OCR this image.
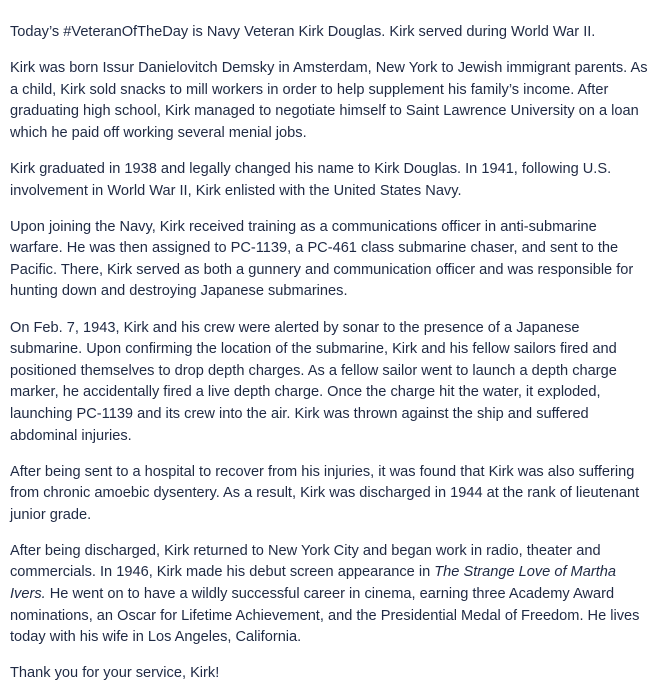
Today’s #VeteranOfTheDay is Navy Veteran Kirk Douglas. Kirk served during World War II.

Kirk was born Issur Danielovitch Demsky in Amsterdam, New York to Jewish immigrant parents. As a child, Kirk sold snacks to mill workers in order to help supplement his family’s income. After graduating high school, Kirk managed to negotiate himself to Saint Lawrence University on a loan which he paid off working several menial jobs.

Kirk graduated in 1938 and legally changed his name to Kirk Douglas. In 1941, following U.S. involvement in World War II, Kirk enlisted with the United States Navy.

Upon joining the Navy, Kirk received training as a communications officer in anti-submarine warfare. He was then assigned to PC-1139, a PC-461 class submarine chaser, and sent to the Pacific. There, Kirk served as both a gunnery and communication officer and was responsible for hunting down and destroying Japanese submarines.

On Feb. 7, 1943, Kirk and his crew were alerted by sonar to the presence of a Japanese submarine. Upon confirming the location of the submarine, Kirk and his fellow sailors fired and positioned themselves to drop depth charges. As a fellow sailor went to launch a depth charge marker, he accidentally fired a live depth charge. Once the charge hit the water, it exploded, launching PC-1139 and its crew into the air. Kirk was thrown against the ship and suffered abdominal injuries.

After being sent to a hospital to recover from his injuries, it was found that Kirk was also suffering from chronic amoebic dysentery. As a result, Kirk was discharged in 1944 at the rank of lieutenant junior grade.

After being discharged, Kirk returned to New York City and began work in radio, theater and commercials. In 1946, Kirk made his debut screen appearance in The Strange Love of Martha Ivers. He went on to have a wildly successful career in cinema, earning three Academy Award nominations, an Oscar for Lifetime Achievement, and the Presidential Medal of Freedom. He lives today with his wife in Los Angeles, California.

Thank you for your service, Kirk!
